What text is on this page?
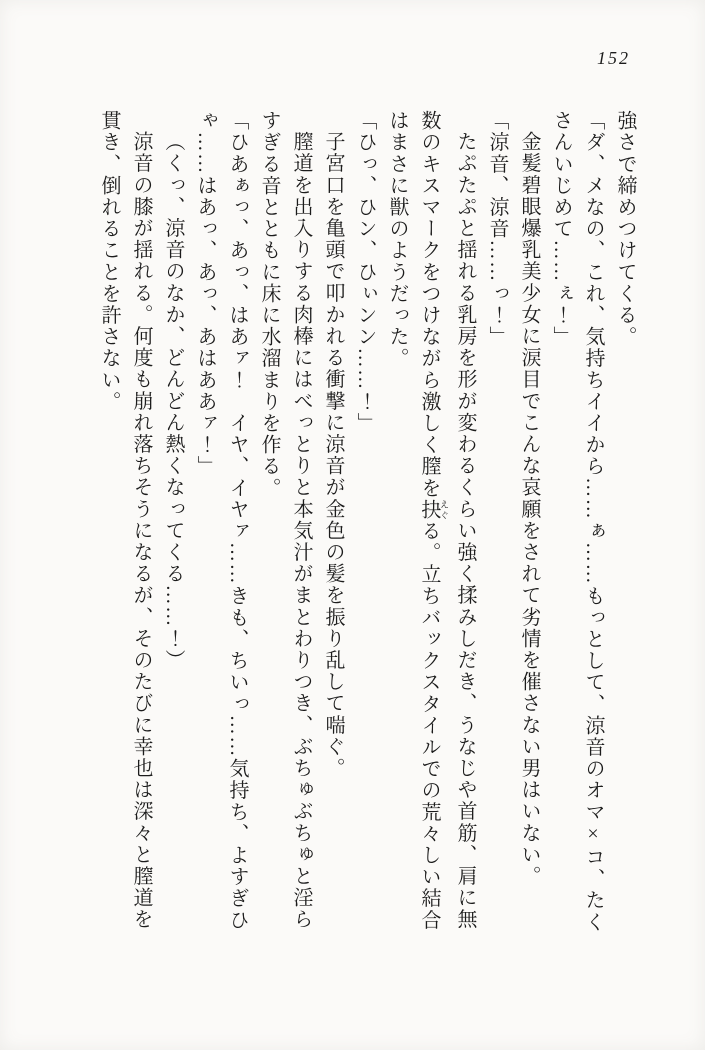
152
強さで締めつけてくる。
「ダ、メなの、これ、気持ちイイから……ぁ……もっとして、涼音のオマ×コ、たく
さんいじめて……ぇ！」
金髪碧眼爆乳美少女に涙目でこんな哀願をされて劣情を催さない男はいない。
「涼音、涼音……っ！」
たぷたぷと揺れる乳房を形が変わるくらい強く揉みしだき、うなじや首筋、肩に無
数のキスマークをつけながら激しく膣を抉 えぐる。立ちバックスタイルでの荒々しい結合
はまさに獣のようだった。
「ひっ、ひン、ひぃンン……！」
子宮口を亀頭で叩かれる衝撃に涼音が金色の髪を振り乱して喘ぐ。
膣道を出入りする肉棒にはべっとりと本気汁がまとわりつき、ぶちゅぶちゅと淫ら
すぎる音とともに床に水溜まりを作る。
「ひあぁっ、あっ、はあァ！　イヤ、イヤァ……きも、ちいっ……気持ち、よすぎひ
ゃ……はあっ、あっ、あはああァ！」
（くっ、涼音のなか、どんどん熱くなってくる……！）
涼音の膝が揺れる。何度も崩れ落ちそうになるが、そのたびに幸也は深々と膣道を
貫き、倒れることを許さない。
